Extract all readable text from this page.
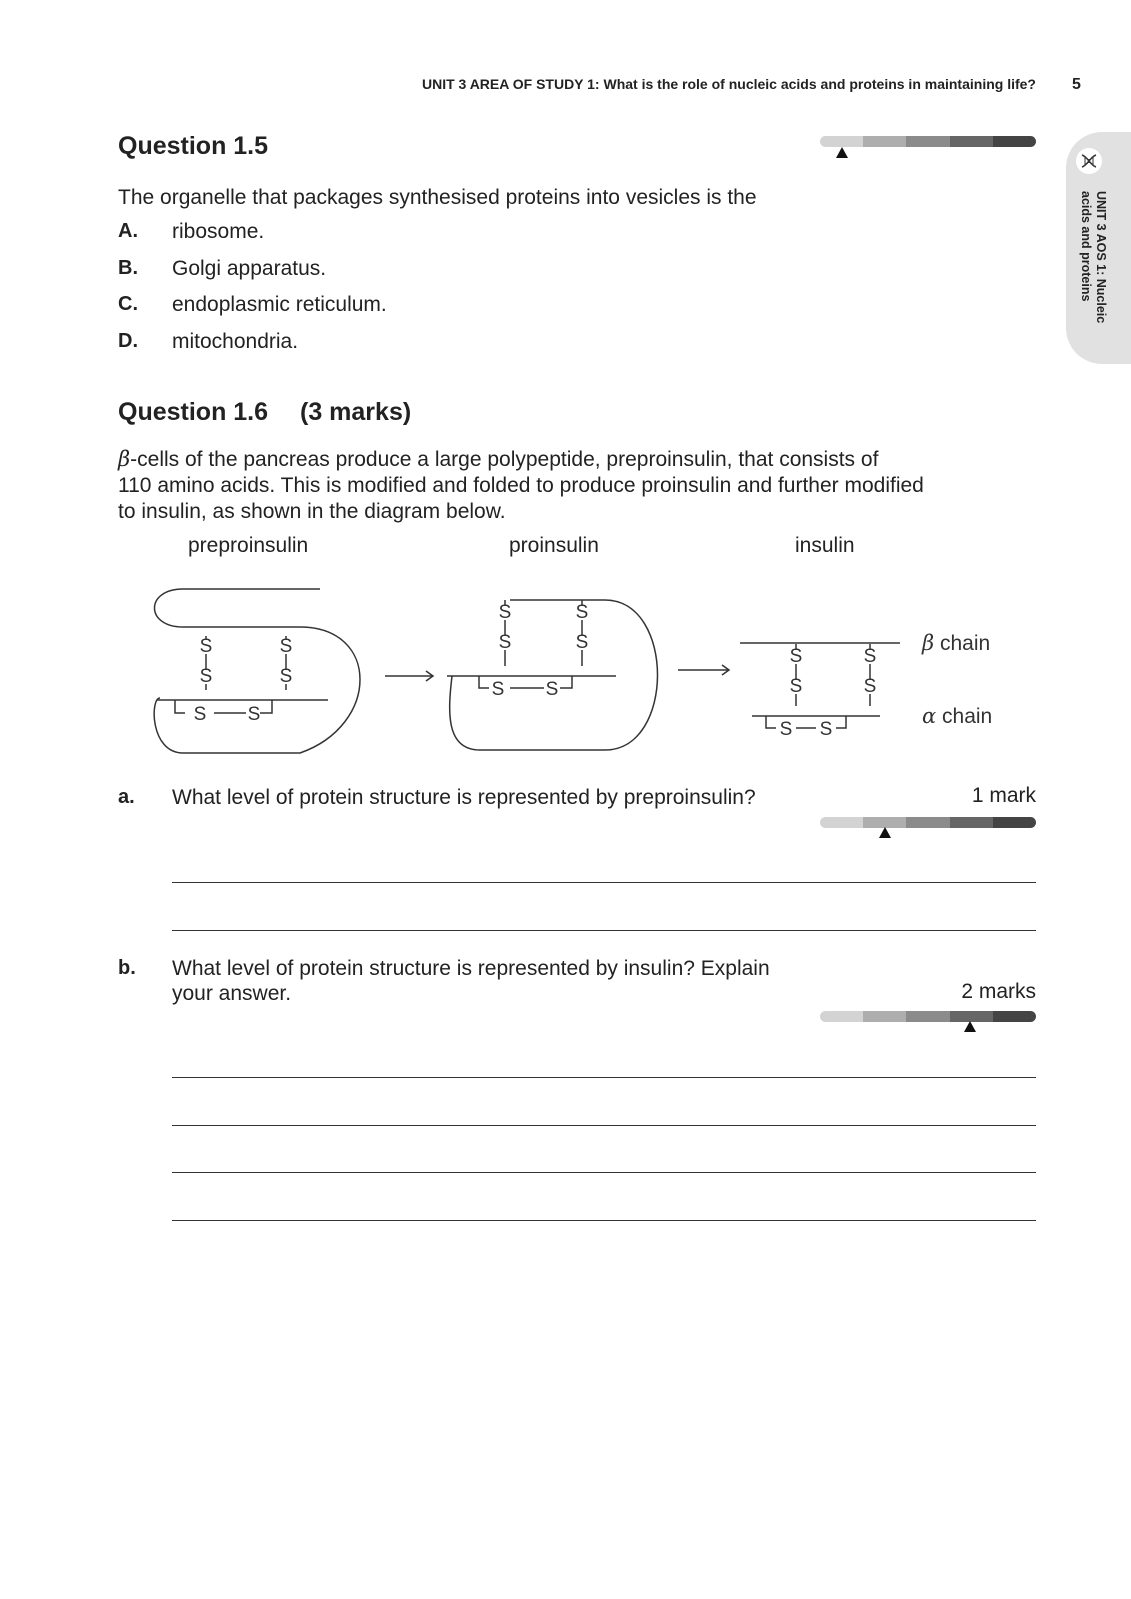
UNIT 3 AREA OF STUDY 1: What is the role of nucleic acids and proteins in maintaining life? 5
UNIT 3 AOS 1: Nucleic
acids and proteins
Question 1.5
The organelle that packages synthesised proteins into vesicles is the
A. ribosome.
B. Golgi apparatus.
C. endoplasmic reticulum.
D. mitochondria.
Question 1.6 (3 marks)
β-cells of the pancreas produce a large polypeptide, preproinsulin, that consists of
110 amino acids. This is modified and folded to produce proinsulin and further modified
to insulin, as shown in the diagram below.
preproinsulin	proinsulin	insulin
S
S
S
S
S S
S
S
S
S
S S
S
S
S
S
S S
β chain
α chain
a. What level of protein structure is represented by preproinsulin?	1 mark
b. What level of protein structure is represented by insulin? Explain
your answer.	2 marks
